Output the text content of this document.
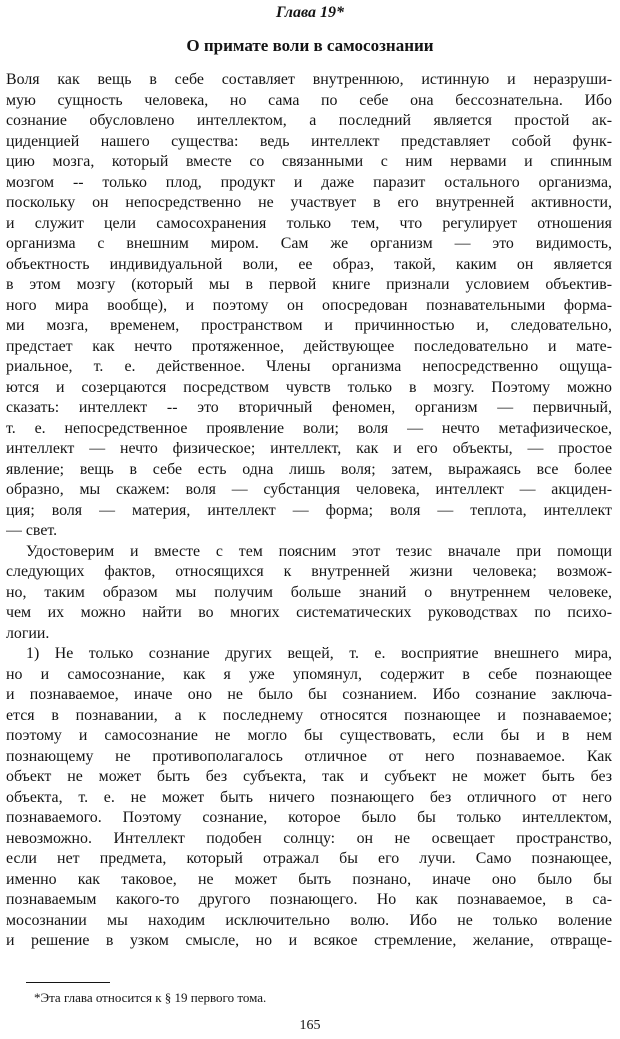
Глава 19*
О примате воли в самосознании
Воля как вещь в себе составляет внутреннюю, истинную и неразруши-
мую сущность человека, но сама по себе она бессознательна. Ибо
сознание обусловлено интеллектом, а последний является простой ак-
циденцией нашего существа: ведь интеллект представляет собой функ-
цию мозга, который вместе со связанными с ним нервами и спинным
мозгом -- только плод, продукт и даже паразит остального организма,
поскольку он непосредственно не участвует в его внутренней активности,
и служит цели самосохранения только тем, что регулирует отношения
организма с внешним миром. Сам же организм — это видимость,
объектность индивидуальной воли, ее образ, такой, каким он является
в этом мозгу (который мы в первой книге признали условием объектив-
ного мира вообще), и поэтому он опосредован познавательными форма-
ми мозга, временем, пространством и причинностью и, следовательно,
предстает как нечто протяженное, действующее последовательно и мате-
риальное, т. е. действенное. Члены организма непосредственно ощуща-
ются и созерцаются посредством чувств только в мозгу. Поэтому можно
сказать: интеллект -- это вторичный феномен, организм — первичный,
т. е. непосредственное проявление воли; воля — нечто метафизическое,
интеллект — нечто физическое; интеллект, как и его объекты, — простое
явление; вещь в себе есть одна лишь воля; затем, выражаясь все более
образно, мы скажем: воля — субстанция человека, интеллект — акциден-
ция; воля — материя, интеллект — форма; воля — теплота, интеллект
— свет.
Удостоверим и вместе с тем поясним этот тезис вначале при помощи
следующих фактов, относящихся к внутренней жизни человека; возмож-
но, таким образом мы получим больше знаний о внутреннем человеке,
чем их можно найти во многих систематических руководствах по психо-
логии.
1) Не только сознание других вещей, т. е. восприятие внешнего мира,
но и самосознание, как я уже упомянул, содержит в себе познающее
и познаваемое, иначе оно не было бы сознанием. Ибо сознание заключа-
ется в познавании, а к последнему относятся познающее и познаваемое;
поэтому и самосознание не могло бы существовать, если бы и в нем
познающему не противополагалось отличное от него познаваемое. Как
объект не может быть без субъекта, так и субъект не может быть без
объекта, т. е. не может быть ничего познающего без отличного от него
познаваемого. Поэтому сознание, которое было бы только интеллектом,
невозможно. Интеллект подобен солнцу: он не освещает пространство,
если нет предмета, который отражал бы его лучи. Само познающее,
именно как таковое, не может быть познано, иначе оно было бы
познаваемым какого-то другого познающего. Но как познаваемое, в са-
мосознании мы находим исключительно волю. Ибо не только воление
и решение в узком смысле, но и всякое стремление, желание, отвраще-
*Эта глава относится к § 19 первого тома.
165
